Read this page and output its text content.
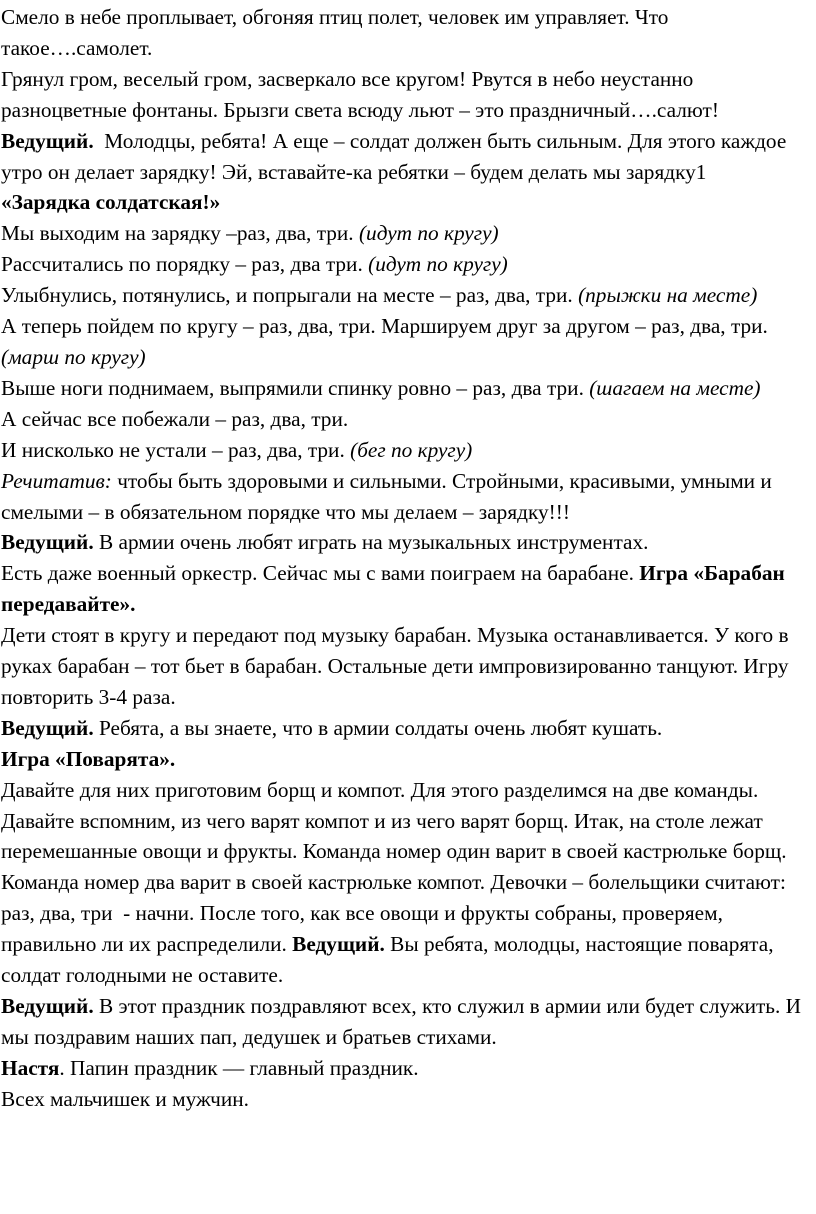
Смело в небе проплывает, обгоняя птиц полет, человек им управляет. Что такое….самолет.

Грянул гром, веселый гром, засверкало все кругом! Рвутся в небо неустанно разноцветные фонтаны. Брызги света всюду льют – это праздничный….салют!

Ведущий.  Молодцы, ребята! А еще – солдат должен быть сильным. Для этого каждое утро он делает зарядку! Эй, вставайте-ка ребятки – будем делать мы зарядку1

«Зарядка солдатская!»

Мы выходим на зарядку –раз, два, три. (идут по кругу)

Рассчитались по порядку – раз, два три. (идут по кругу)

Улыбнулись, потянулись, и попрыгали на месте – раз, два, три. (прыжки на месте)

А теперь пойдем по кругу – раз, два, три. Маршируем друг за другом – раз, два, три. (марш по кругу)

Выше ноги поднимаем, выпрямили спинку ровно – раз, два три. (шагаем на месте)

А сейчас все побежали – раз, два, три.

И нисколько не устали – раз, два, три. (бег по кругу)

Речитатив: чтобы быть здоровыми и сильными. Стройными, красивыми, умными и смелыми – в обязательном порядке что мы делаем – зарядку!!!

Ведущий. В армии очень любят играть на музыкальных инструментах.

Есть даже военный оркестр. Сейчас мы с вами поиграем на барабане. Игра «Барабан передавайте».

Дети стоят в кругу и передают под музыку барабан. Музыка останавливается. У кого в руках барабан – тот бьет в барабан. Остальные дети импровизированно танцуют. Игру повторить 3-4 раза.

Ведущий. Ребята, а вы знаете, что в армии солдаты очень любят кушать.

Игра «Поварята».

Давайте для них приготовим борщ и компот. Для этого разделимся на две команды. Давайте вспомним, из чего варят компот и из чего варят борщ. Итак, на столе лежат перемешанные овощи и фрукты. Команда номер один варит в своей кастрюльке борщ. Команда номер два варит в своей кастрюльке компот. Девочки – болельщики считают: раз, два, три  - начни. После того, как все овощи и фрукты собраны, проверяем, правильно ли их распределили. Ведущий. Вы ребята, молодцы, настоящие поварята, солдат голодными не оставите.

Ведущий. В этот праздник поздравляют всех, кто служил в армии или будет служить. И мы поздравим наших пап, дедушек и братьев стихами.

Настя. Папин праздник — главный праздник.

Всех мальчишек и мужчин.
